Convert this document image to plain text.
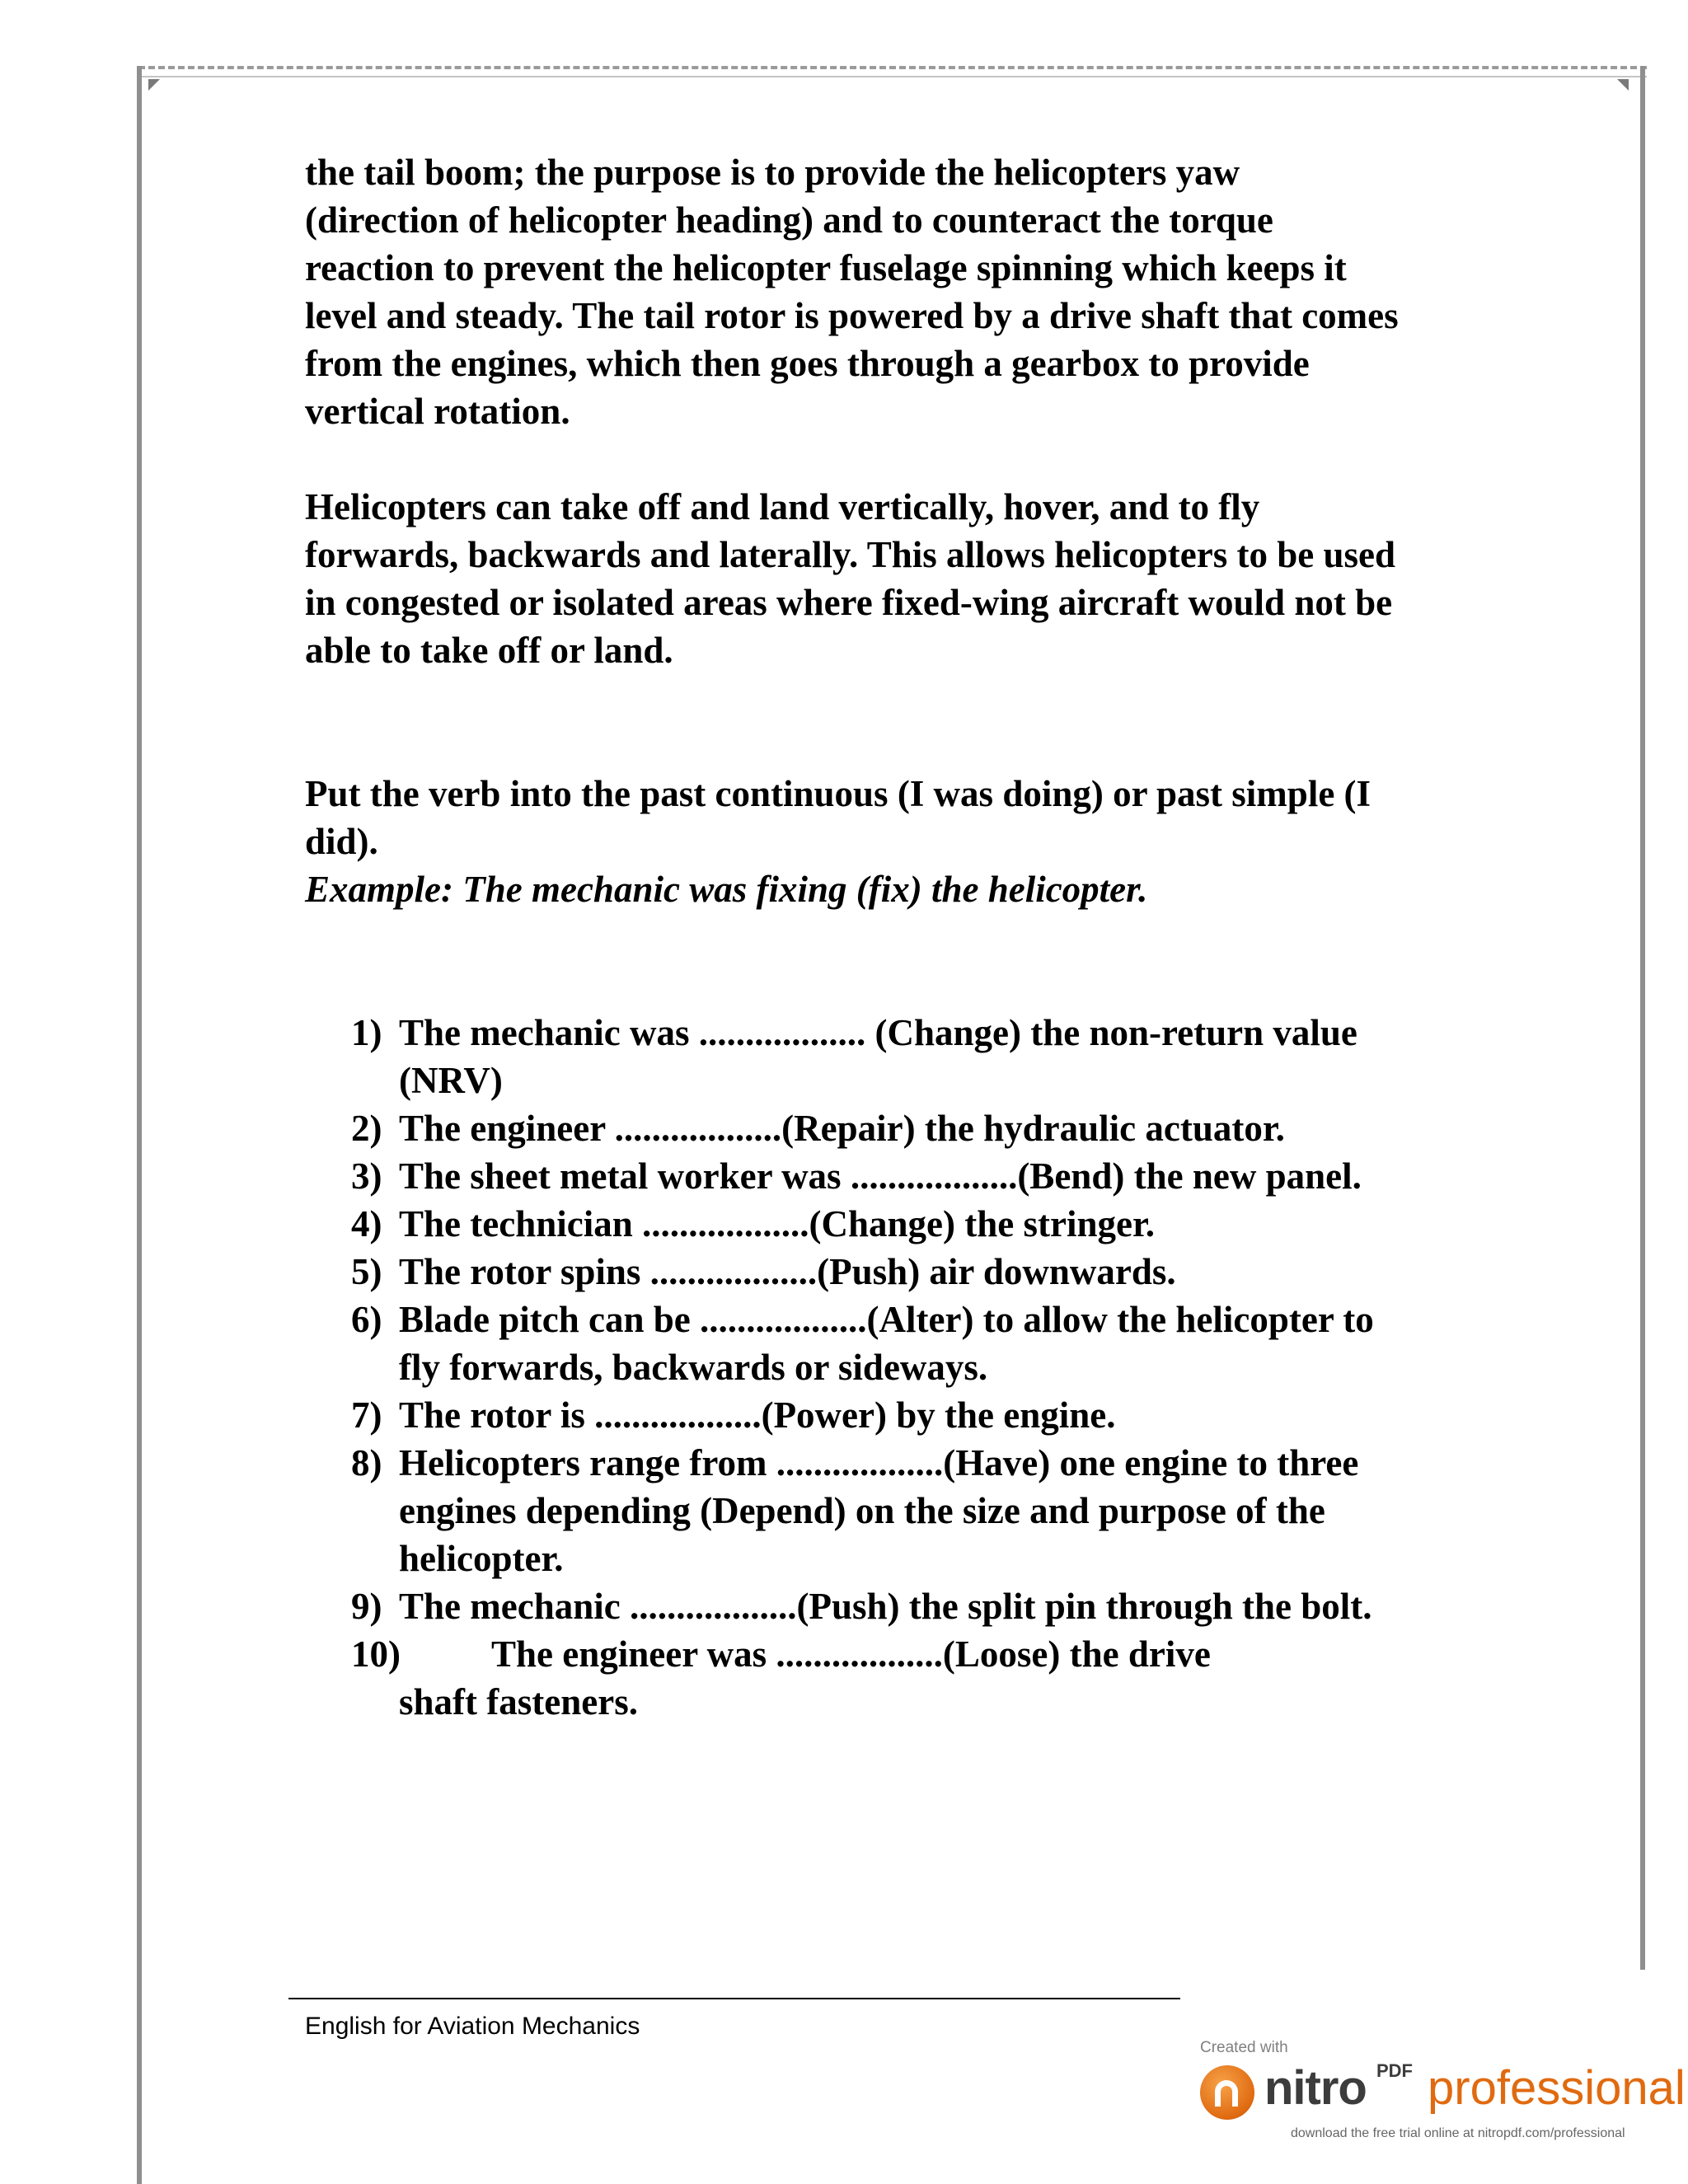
the tail boom; the purpose is to provide the helicopters yaw (direction of helicopter heading) and to counteract the torque reaction to prevent the helicopter fuselage spinning which keeps it level and steady. The tail rotor is powered by a drive shaft that comes from the engines, which then goes through a gearbox to provide vertical rotation.

Helicopters can take off and land vertically, hover, and to fly forwards, backwards and laterally. This allows helicopters to be used in congested or isolated areas where fixed-wing aircraft would not be able to take off or land.

Put the verb into the past continuous (I was doing) or past simple (I did).

Example: The mechanic was fixing (fix) the helicopter.

1) The mechanic was .................. (Change) the non-return value (NRV)
2) The engineer ..................(Repair) the hydraulic actuator.
3) The sheet metal worker was ..................(Bend) the new panel.
4) The technician ..................(Change) the stringer.
5) The rotor spins ..................(Push) air downwards.
6) Blade pitch can be ..................(Alter) to allow the helicopter to fly forwards, backwards or sideways.
7) The rotor is ..................(Power) by the engine.
8) Helicopters range from ..................(Have) one engine to three engines depending (Depend) on the size and purpose of the helicopter.
9) The mechanic ..................(Push) the split pin through the bolt.
10)	The engineer was ..................(Loose) the drive
shaft fasteners.
English for Aviation Mechanics
Created with
nitro PDF professional
download the free trial online at nitropdf.com/professional
